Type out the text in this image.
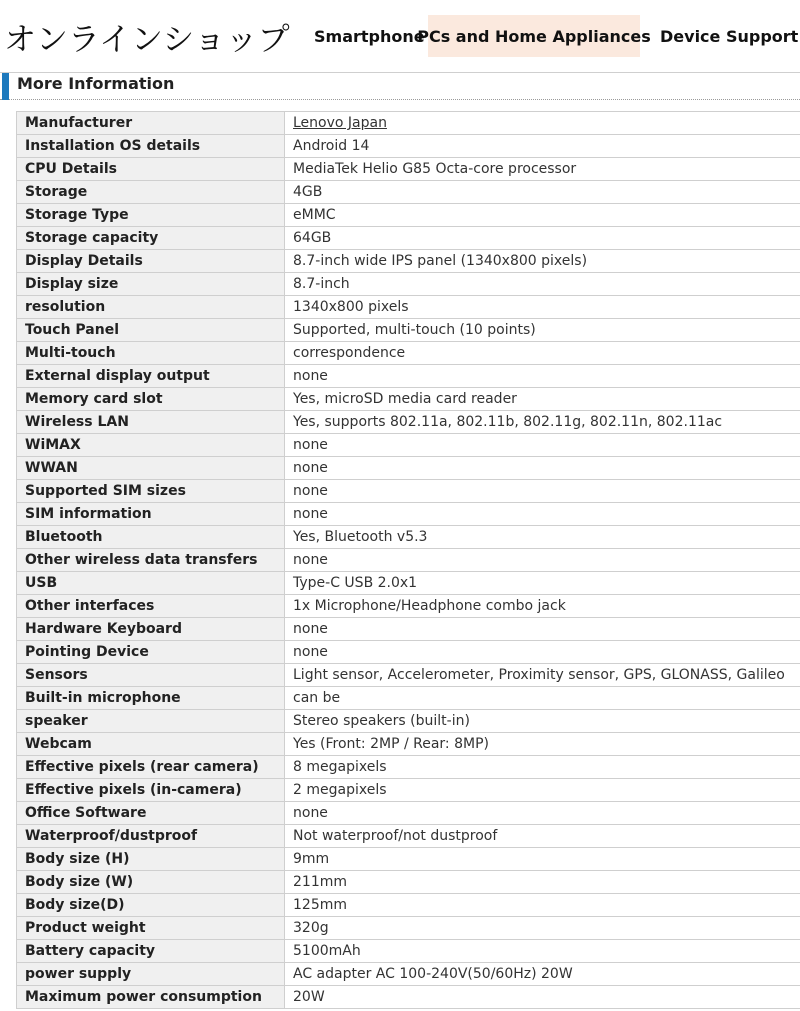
オンラインショップ Smartphone
PCs and Home Appliances Device Support
More Information
Manufacturer	Lenovo Japan
Installation OS details	Android 14
CPU Details	MediaTek Helio G85 Octa-core processor
Storage	4GB
Storage Type	eMMC
Storage capacity	64GB
Display Details	8.7-inch wide IPS panel (1340x800 pixels)
Display size	8.7-inch
resolution	1340x800 pixels
Touch Panel	Supported, multi-touch (10 points)
Multi-touch	correspondence
External display output	none
Memory card slot	Yes, microSD media card reader
Wireless LAN	Yes, supports 802.11a, 802.11b, 802.11g, 802.11n, 802.11ac
WiMAX	none
WWAN	none
Supported SIM sizes	none
SIM information	none
Bluetooth	Yes, Bluetooth v5.3
Other wireless data transfers	none
USB	Type-C USB 2.0x1
Other interfaces	1x Microphone/Headphone combo jack
Hardware Keyboard	none
Pointing Device	none
Sensors	Light sensor, Accelerometer, Proximity sensor, GPS, GLONASS, Galileo
Built-in microphone	can be
speaker	Stereo speakers (built-in)
Webcam	Yes (Front: 2MP / Rear: 8MP)
Effective pixels (rear camera)	8 megapixels
Effective pixels (in-camera)	2 megapixels
Office Software	none
Waterproof/dustproof	Not waterproof/not dustproof
Body size (H)	9mm
Body size (W)	211mm
Body size(D)	125mm
Product weight	320g
Battery capacity	5100mAh
power supply	AC adapter AC 100-240V(50/60Hz) 20W
Maximum power consumption	20W
